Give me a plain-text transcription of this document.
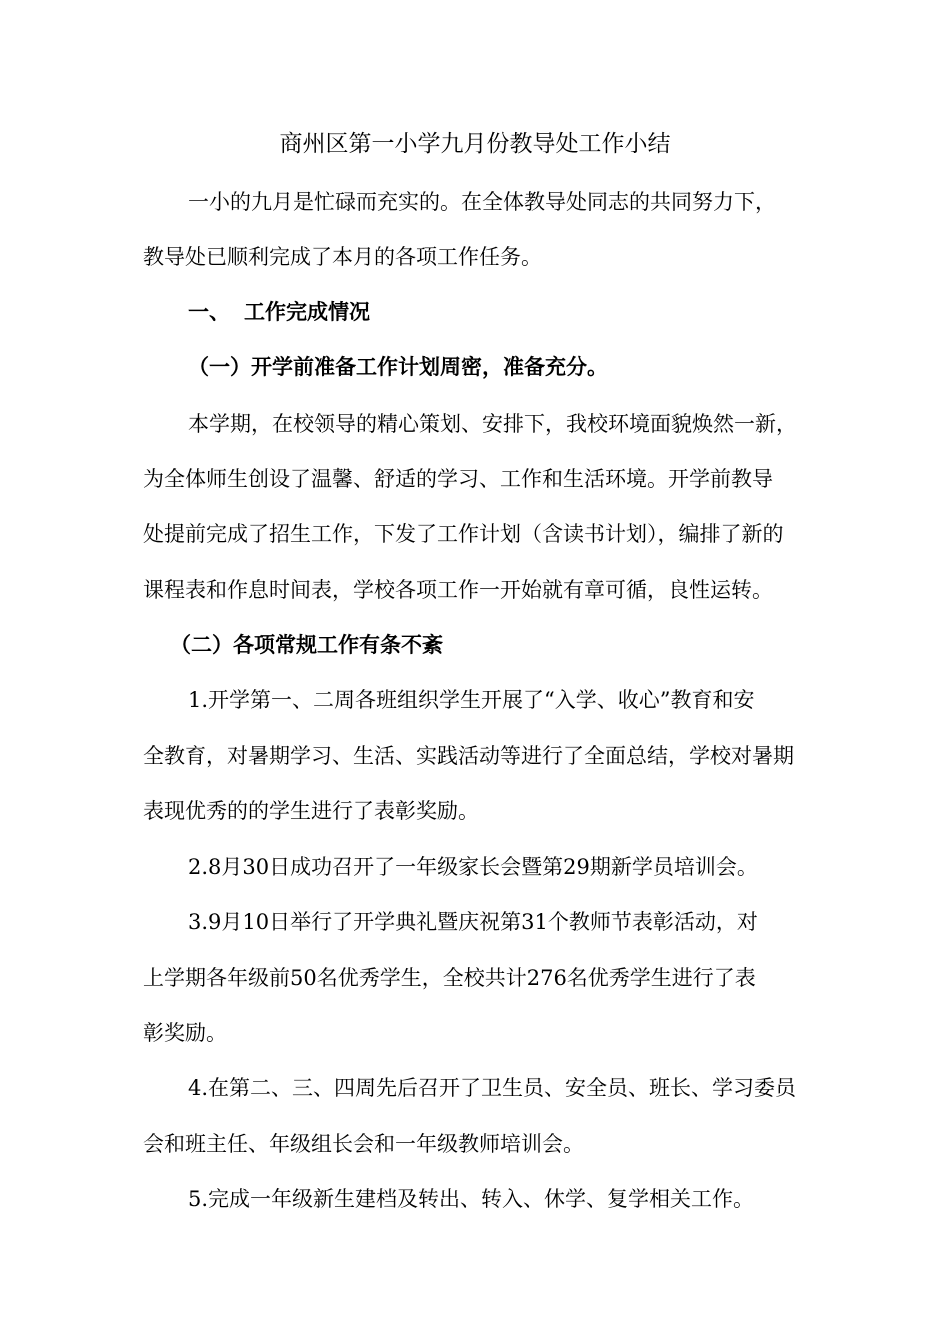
商州区第一小学九月份教导处工作小结
一小的九月是忙碌而充实的。在全体教导处同志的共同努力下，
教导处已顺利完成了本月的各项工作任务。
一、 工作完成情况
（一）开学前准备工作计划周密，准备充分。
本学期，在校领导的精心策划、安排下，我校环境面貌焕然一新，
为全体师生创设了温馨、舒适的学习、工作和生活环境。开学前教导
处提前完成了招生工作，下发了工作计划（含读书计划），编排了新的
课程表和作息时间表，学校各项工作一开始就有章可循，良性运转。
（二）各项常规工作有条不紊
1.开学第一、二周各班组织学生开展了“入学、收心”教育和安
全教育，对暑期学习、生活、实践活动等进行了全面总结，学校对暑期
表现优秀的的学生进行了表彰奖励。
2.8月30日成功召开了一年级家长会暨第29期新学员培训会。
3.9月10日举行了开学典礼暨庆祝第31个教师节表彰活动，对
上学期各年级前50名优秀学生，全校共计276名优秀学生进行了表
彰奖励。
4.在第二、三、四周先后召开了卫生员、安全员、班长、学习委员
会和班主任、年级组长会和一年级教师培训会。
5.完成一年级新生建档及转出、转入、休学、复学相关工作。
